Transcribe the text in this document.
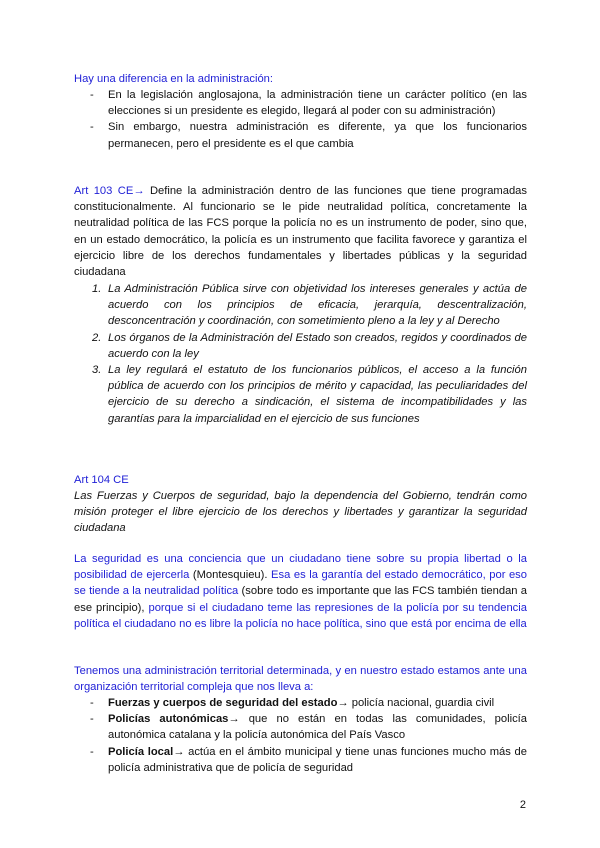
Hay una diferencia en la administración:

- En la legislación anglosajona, la administración tiene un carácter político (en las elecciones si un presidente es elegido, llegará al poder con su administración)
- Sin embargo, nuestra administración es diferente, ya que los funcionarios permanecen, pero el presidente es el que cambia

Art 103 CE→ Define la administración dentro de las funciones que tiene programadas constitucionalmente. Al funcionario se le pide neutralidad política, concretamente la neutralidad política de las FCS porque la policía no es un instrumento de poder, sino que, en un estado democrático, la policía es un instrumento que facilita favorece y garantiza el ejercicio libre de los derechos fundamentales y libertades públicas y la seguridad ciudadana

1. La Administración Pública sirve con objetividad los intereses generales y actúa de acuerdo con los principios de eficacia, jerarquía, descentralización, desconcentración y coordinación, con sometimiento pleno a la ley y al Derecho
2. Los órganos de la Administración del Estado son creados, regidos y coordinados de acuerdo con la ley
3. La ley regulará el estatuto de los funcionarios públicos, el acceso a la función pública de acuerdo con los principios de mérito y capacidad, las peculiaridades del ejercicio de su derecho a sindicación, el sistema de incompatibilidades y las garantías para la imparcialidad en el ejercicio de sus funciones

Art 104 CE

Las Fuerzas y Cuerpos de seguridad, bajo la dependencia del Gobierno, tendrán como misión proteger el libre ejercicio de los derechos y libertades y garantizar la seguridad ciudadana

La seguridad es una conciencia que un ciudadano tiene sobre su propia libertad o la posibilidad de ejercerla (Montesquieu). Esa es la garantía del estado democrático, por eso se tiende a la neutralidad política (sobre todo es importante que las FCS también tiendan a ese principio), porque si el ciudadano teme las represiones de la policía por su tendencia política el ciudadano no es libre la policía no hace política, sino que está por encima de ella

Tenemos una administración territorial determinada, y en nuestro estado estamos ante una organización territorial compleja que nos lleva a:

- Fuerzas y cuerpos de seguridad del estado→ policía nacional, guardia civil
- Policías autonómicas→ que no están en todas las comunidades, policía autonómica catalana y la policía autonómica del País Vasco
- Policía local→ actúa en el ámbito municipal y tiene unas funciones mucho más de policía administrativa que de policía de seguridad
2
